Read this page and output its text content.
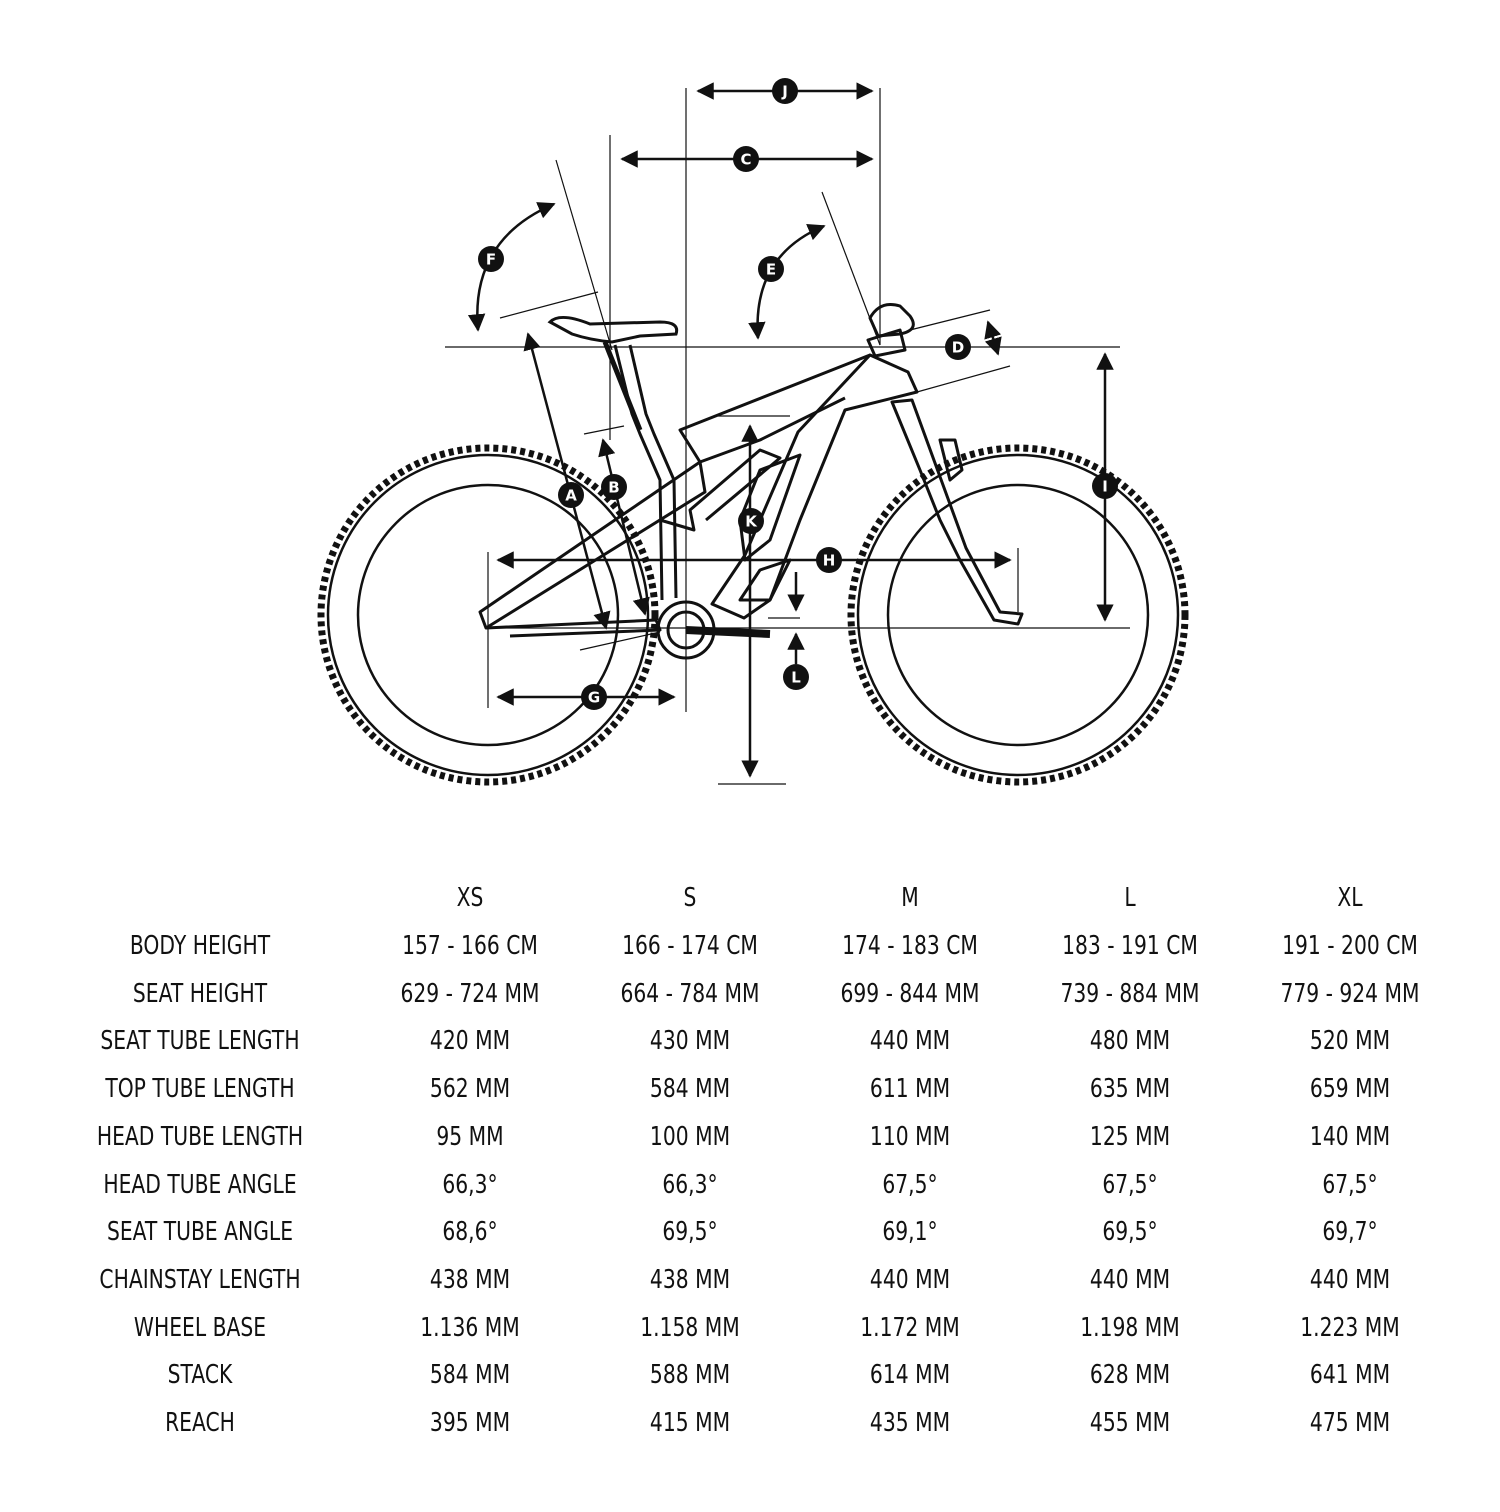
J
C
F
E
D
I
A B
K
H
L
G
XS	S	M	L	XL
BODY HEIGHT	157 - 166 CM	166 - 174 CM	174 - 183 CM	183 - 191 CM	191 - 200 CM
SEAT HEIGHT	629 - 724 MM	664 - 784 MM	699 - 844 MM	739 - 884 MM	779 - 924 MM
SEAT TUBE LENGTH	420 MM	430 MM	440 MM	480 MM	520 MM
TOP TUBE LENGTH	562 MM	584 MM	611 MM	635 MM	659 MM
HEAD TUBE LENGTH	95 MM	100 MM	110 MM	125 MM	140 MM
HEAD TUBE ANGLE	66,3°	66,3°	67,5°	67,5°	67,5°
SEAT TUBE ANGLE	68,6°	69,5°	69,1°	69,5°	69,7°
CHAINSTAY LENGTH	438 MM	438 MM	440 MM	440 MM	440 MM
WHEEL BASE	1.136 MM	1.158 MM	1.172 MM	1.198 MM	1.223 MM
STACK	584 MM	588 MM	614 MM	628 MM	641 MM
REACH	395 MM	415 MM	435 MM	455 MM	475 MM
